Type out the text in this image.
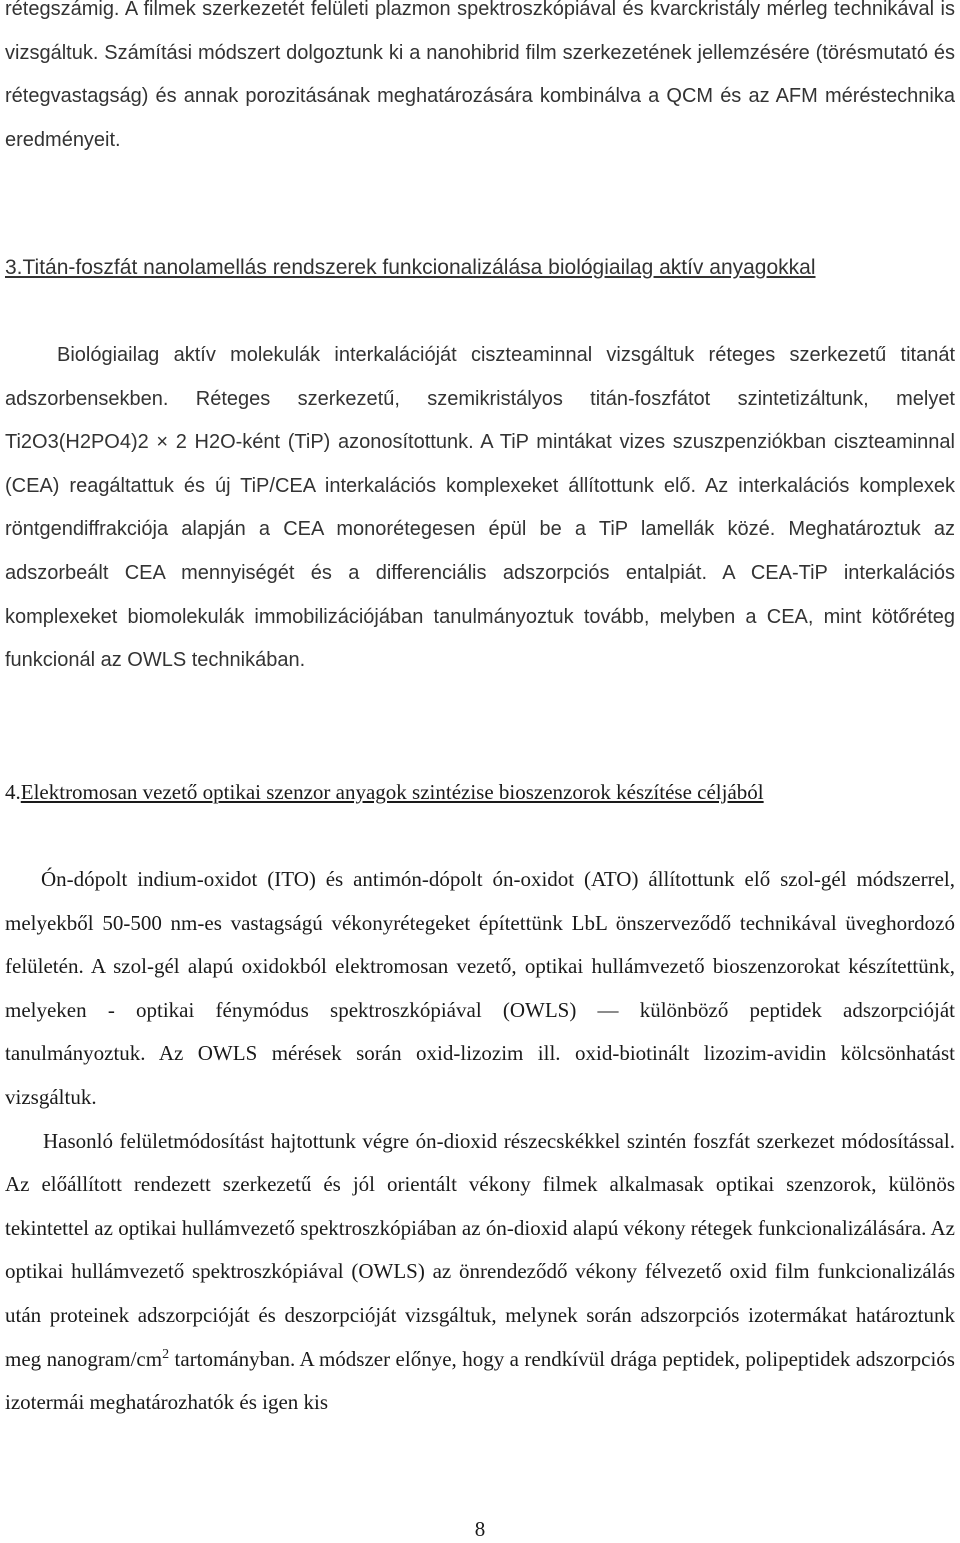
rétegszámig. A filmek szerkezetét felületi plazmon spektroszkópiával és kvarckristály mérleg technikával is vizsgáltuk. Számítási módszert dolgoztunk ki a nanohibrid film szerkezetének jellemzésére (törésmutató és rétegvastagság) és annak porozitásának meghatározására kombinálva a QCM és az AFM méréstechnika eredményeit.

3.Titán-foszfát nanolamellás rendszerek funkcionalizálása biológiailag aktív anyagokkal

Biológiailag aktív molekulák interkalációját ciszteaminnal vizsgáltuk réteges szerkezetű titanát adszorbensekben. Réteges szerkezetű, szemikristályos titán-foszfátot szintetizáltunk, melyet Ti2O3(H2PO4)2 × 2 H2O-ként (TiP) azonosítottunk. A TiP mintákat vizes szuszpenziókban ciszteaminnal (CEA) reagáltattuk és új TiP/CEA interkalációs komplexeket állítottunk elő. Az interkalációs komplexek röntgendiffrakciója alapján a CEA monorétegesen épül be a TiP lamellák közé. Meghatároztuk az adszorbeált CEA mennyiségét és a differenciális adszorpciós entalpiát. A CEA-TiP interkalációs komplexeket biomolekulák immobilizációjában tanulmányoztuk tovább, melyben a CEA, mint kötőréteg funkcionál az OWLS technikában.

4.Elektromosan vezető optikai szenzor anyagok szintézise bioszenzorok készítése céljából

Ón-dópolt indium-oxidot (ITO) és antimón-dópolt ón-oxidot (ATO) állítottunk elő szol-gél módszerrel, melyekből 50-500 nm-es vastagságú vékonyrétegeket építettünk LbL önszerveződő technikával üveghordozó felületén. A szol-gél alapú oxidokból elektromosan vezető, optikai hullámvezető bioszenzorokat készítettünk, melyeken - optikai fénymódus spektroszkópiával (OWLS) — különböző peptidek adszorpcióját tanulmányoztuk. Az OWLS mérések során oxid-lizozim ill. oxid-biotinált lizozim-avidin kölcsönhatást vizsgáltuk.

Hasonló felületmódosítást hajtottunk végre ón-dioxid részecskékkel szintén foszfát szerkezet módosítással. Az előállított rendezett szerkezetű és jól orientált vékony filmek alkalmasak optikai szenzorok, különös tekintettel az optikai hullámvezető spektroszkópiában az ón-dioxid alapú vékony rétegek funkcionalizálására. Az optikai hullámvezető spektroszkópiával (OWLS) az önrendeződő vékony félvezető oxid film funkcionalizálás után proteinek adszorpcióját és deszorpcióját vizsgáltuk, melynek során adszorpciós izotermákat határoztunk meg nanogram/$cm^2$ tartományban. A módszer előnye, hogy a rendkívül drága peptidek, polipeptidek adszorpciós izotermái meghatározhatók és igen kis

8
